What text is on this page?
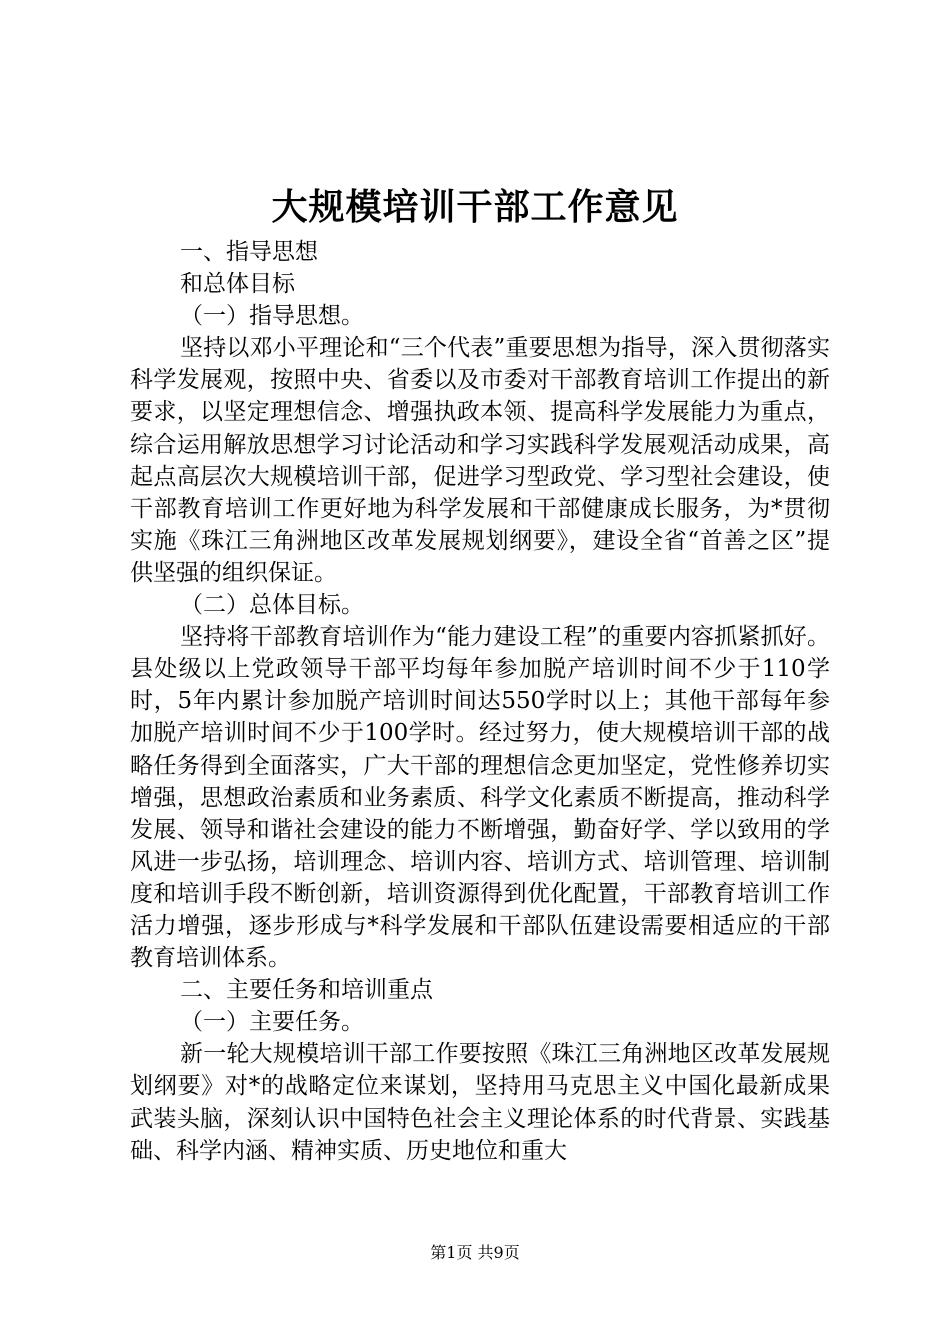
大规模培训干部工作意见
一、指导思想
和总体目标
（一）指导思想。
坚持以邓小平理论和“三个代表”重要思想为指导，深入贯彻落实科学发展观，按照中央、省委以及市委对干部教育培训工作提出的新要求，以坚定理想信念、增强执政本领、提高科学发展能力为重点，综合运用解放思想学习讨论活动和学习实践科学发展观活动成果，高起点高层次大规模培训干部，促进学习型政党、学习型社会建设，使干部教育培训工作更好地为科学发展和干部健康成长服务，为*贯彻实施《珠江三角洲地区改革发展规划纲要》，建设全省“首善之区”提供坚强的组织保证。
（二）总体目标。
坚持将干部教育培训作为“能力建设工程”的重要内容抓紧抓好。县处级以上党政领导干部平均每年参加脱产培训时间不少于110学时，5年内累计参加脱产培训时间达550学时以上；其他干部每年参加脱产培训时间不少于100学时。经过努力，使大规模培训干部的战略任务得到全面落实，广大干部的理想信念更加坚定，党性修养切实增强，思想政治素质和业务素质、科学文化素质不断提高，推动科学发展、领导和谐社会建设的能力不断增强，勤奋好学、学以致用的学风进一步弘扬，培训理念、培训内容、培训方式、培训管理、培训制度和培训手段不断创新，培训资源得到优化配置，干部教育培训工作活力增强，逐步形成与*科学发展和干部队伍建设需要相适应的干部教育培训体系。
二、主要任务和培训重点
（一）主要任务。
新一轮大规模培训干部工作要按照《珠江三角洲地区改革发展规划纲要》对*的战略定位来谋划，坚持用马克思主义中国化最新成果武装头脑，深刻认识中国特色社会主义理论体系的时代背景、实践基础、科学内涵、精神实质、历史地位和重大
第1页 共9页
